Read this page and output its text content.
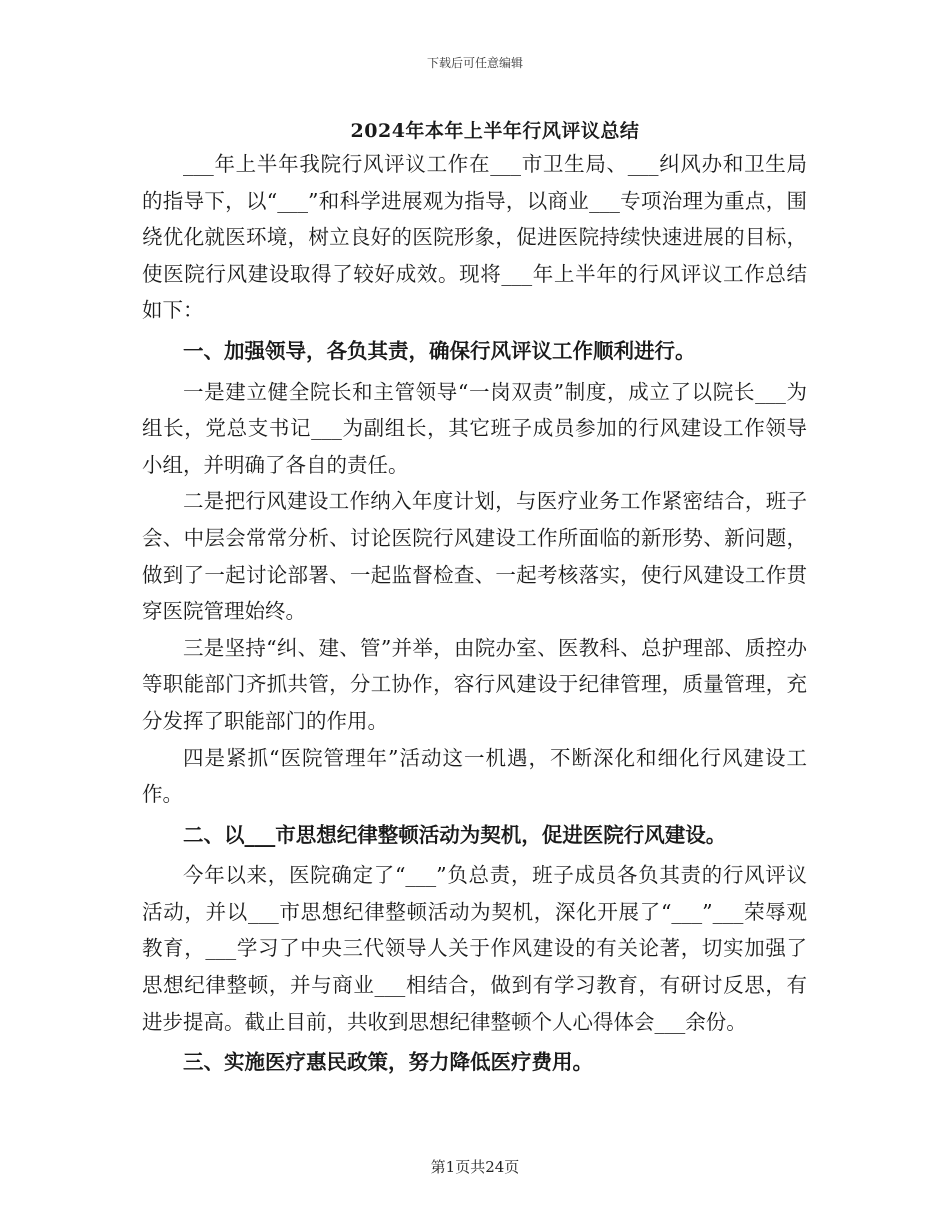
下载后可任意编辑
2024年本年上半年行风评议总结

___年上半年我院行风评议工作在___市卫生局、___纠风办和卫生局的指导下，以“___”和科学进展观为指导，以商业___专项治理为重点，围绕优化就医环境，树立良好的医院形象，促进医院持续快速进展的目标，使医院行风建设取得了较好成效。现将___年上半年的行风评议工作总结如下：

一、加强领导，各负其责，确保行风评议工作顺利进行。

一是建立健全院长和主管领导“一岗双责”制度，成立了以院长___为组长，党总支书记___为副组长，其它班子成员参加的行风建设工作领导小组，并明确了各自的责任。

二是把行风建设工作纳入年度计划，与医疗业务工作紧密结合，班子会、中层会常常分析、讨论医院行风建设工作所面临的新形势、新问题，做到了一起讨论部署、一起监督检查、一起考核落实，使行风建设工作贯穿医院管理始终。

三是坚持“纠、建、管”并举，由院办室、医教科、总护理部、质控办等职能部门齐抓共管，分工协作，容行风建设于纪律管理，质量管理，充分发挥了职能部门的作用。

四是紧抓“医院管理年”活动这一机遇，不断深化和细化行风建设工作。

二、以___市思想纪律整顿活动为契机，促进医院行风建设。

今年以来，医院确定了“___”负总责，班子成员各负其责的行风评议活动，并以___市思想纪律整顿活动为契机，深化开展了“___”___荣辱观教育，___学习了中央三代领导人关于作风建设的有关论著，切实加强了思想纪律整顿，并与商业___相结合，做到有学习教育，有研讨反思，有进步提高。截止目前，共收到思想纪律整顿个人心得体会___余份。

三、实施医疗惠民政策，努力降低医疗费用。

第1页共24页
